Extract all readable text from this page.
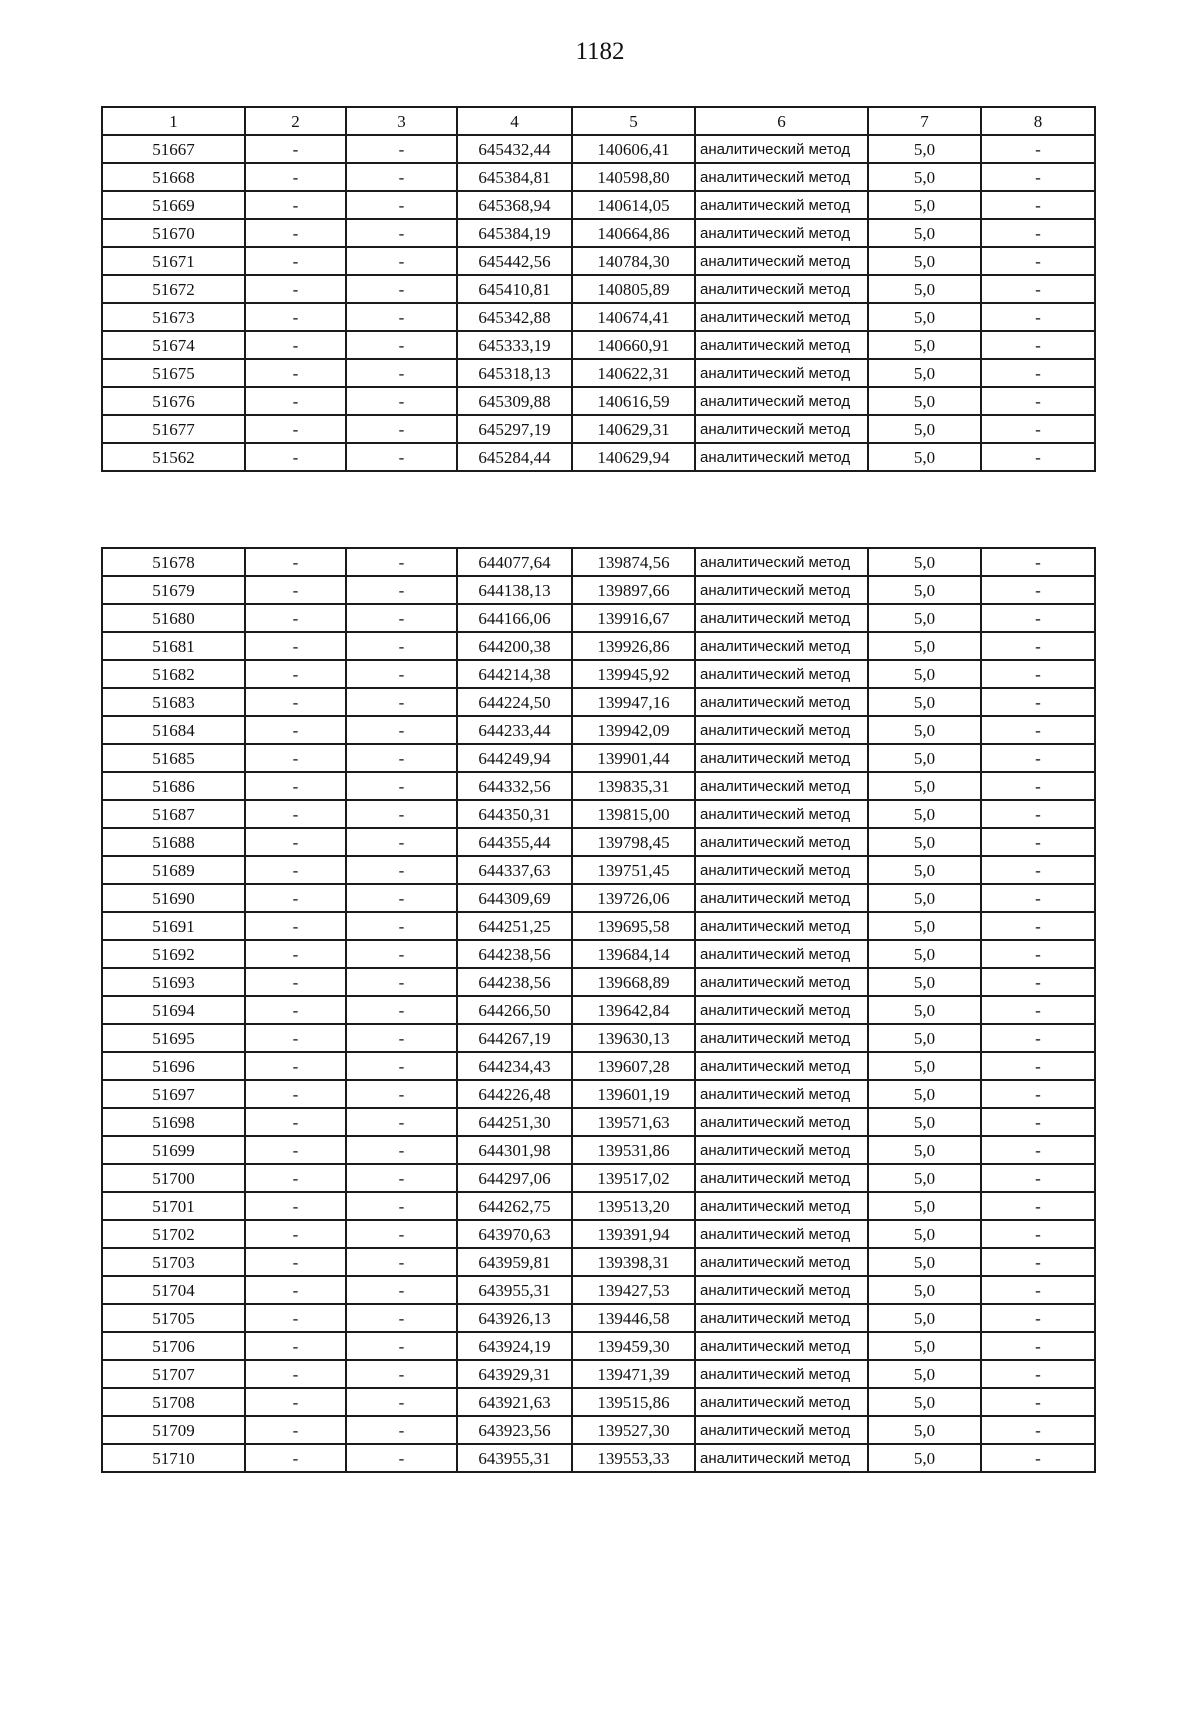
1182
1	2	3	4	5	6	7	8
51667	-	-	645432,44	140606,41	аналитический метод	5,0	-
51668	-	-	645384,81	140598,80	аналитический метод	5,0	-
51669	-	-	645368,94	140614,05	аналитический метод	5,0	-
51670	-	-	645384,19	140664,86	аналитический метод	5,0	-
51671	-	-	645442,56	140784,30	аналитический метод	5,0	-
51672	-	-	645410,81	140805,89	аналитический метод	5,0	-
51673	-	-	645342,88	140674,41	аналитический метод	5,0	-
51674	-	-	645333,19	140660,91	аналитический метод	5,0	-
51675	-	-	645318,13	140622,31	аналитический метод	5,0	-
51676	-	-	645309,88	140616,59	аналитический метод	5,0	-
51677	-	-	645297,19	140629,31	аналитический метод	5,0	-
51562	-	-	645284,44	140629,94	аналитический метод	5,0	-
51678	-	-	644077,64	139874,56	аналитический метод	5,0	-
51679	-	-	644138,13	139897,66	аналитический метод	5,0	-
51680	-	-	644166,06	139916,67	аналитический метод	5,0	-
51681	-	-	644200,38	139926,86	аналитический метод	5,0	-
51682	-	-	644214,38	139945,92	аналитический метод	5,0	-
51683	-	-	644224,50	139947,16	аналитический метод	5,0	-
51684	-	-	644233,44	139942,09	аналитический метод	5,0	-
51685	-	-	644249,94	139901,44	аналитический метод	5,0	-
51686	-	-	644332,56	139835,31	аналитический метод	5,0	-
51687	-	-	644350,31	139815,00	аналитический метод	5,0	-
51688	-	-	644355,44	139798,45	аналитический метод	5,0	-
51689	-	-	644337,63	139751,45	аналитический метод	5,0	-
51690	-	-	644309,69	139726,06	аналитический метод	5,0	-
51691	-	-	644251,25	139695,58	аналитический метод	5,0	-
51692	-	-	644238,56	139684,14	аналитический метод	5,0	-
51693	-	-	644238,56	139668,89	аналитический метод	5,0	-
51694	-	-	644266,50	139642,84	аналитический метод	5,0	-
51695	-	-	644267,19	139630,13	аналитический метод	5,0	-
51696	-	-	644234,43	139607,28	аналитический метод	5,0	-
51697	-	-	644226,48	139601,19	аналитический метод	5,0	-
51698	-	-	644251,30	139571,63	аналитический метод	5,0	-
51699	-	-	644301,98	139531,86	аналитический метод	5,0	-
51700	-	-	644297,06	139517,02	аналитический метод	5,0	-
51701	-	-	644262,75	139513,20	аналитический метод	5,0	-
51702	-	-	643970,63	139391,94	аналитический метод	5,0	-
51703	-	-	643959,81	139398,31	аналитический метод	5,0	-
51704	-	-	643955,31	139427,53	аналитический метод	5,0	-
51705	-	-	643926,13	139446,58	аналитический метод	5,0	-
51706	-	-	643924,19	139459,30	аналитический метод	5,0	-
51707	-	-	643929,31	139471,39	аналитический метод	5,0	-
51708	-	-	643921,63	139515,86	аналитический метод	5,0	-
51709	-	-	643923,56	139527,30	аналитический метод	5,0	-
51710	-	-	643955,31	139553,33	аналитический метод	5,0	-
